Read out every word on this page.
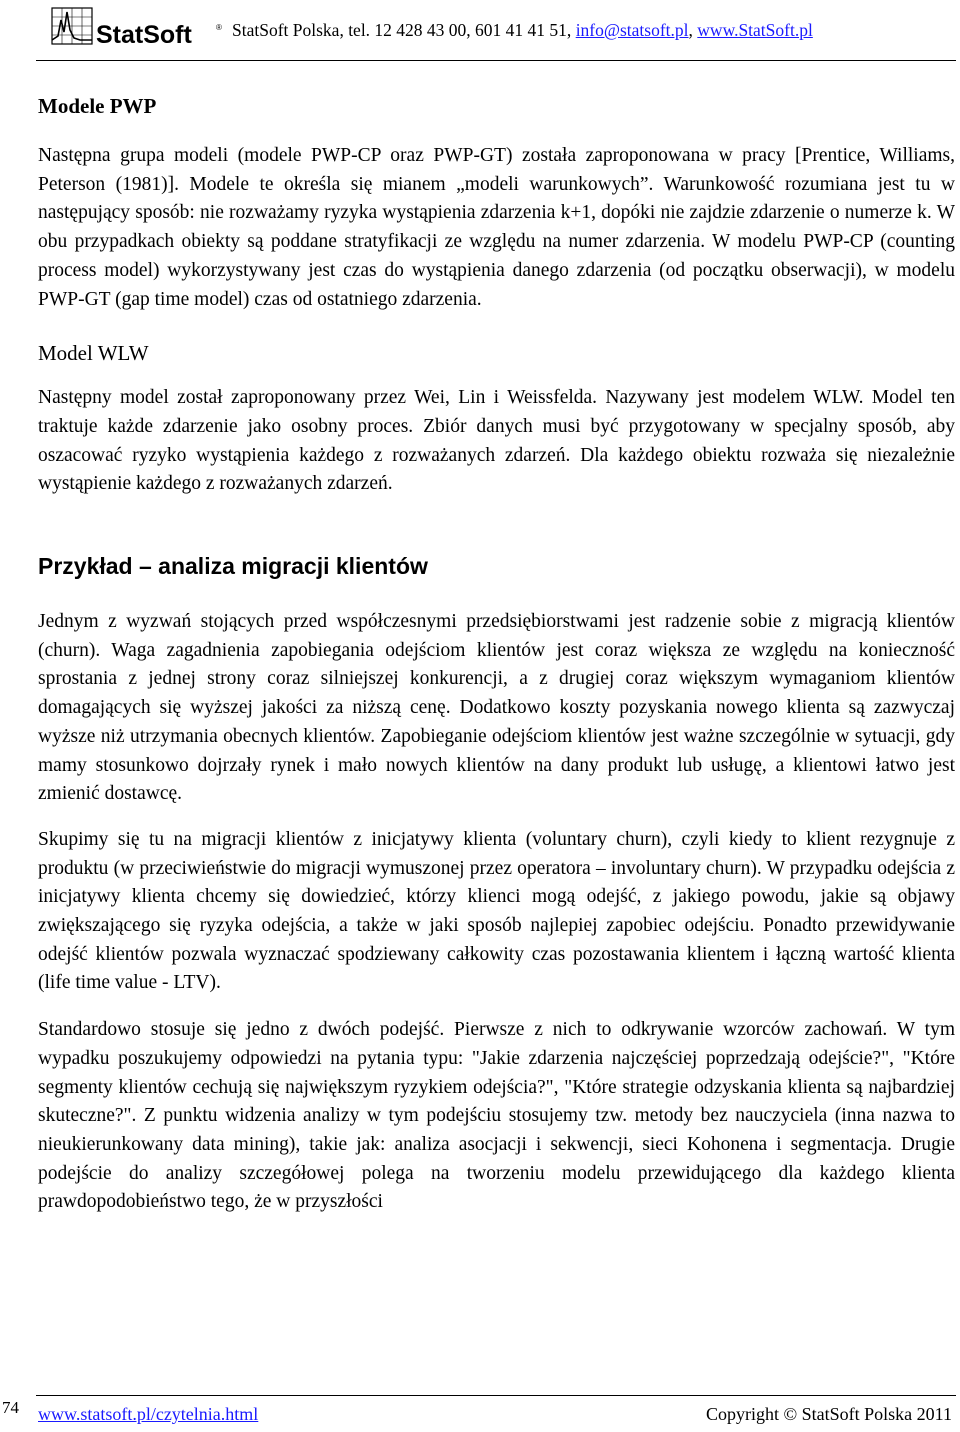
StatSoft	® StatSoft Polska, tel. 12 428 43 00, 601 41 41 51, info@statsoft.pl, www.StatSoft.pl
Modele PWP

Następna grupa modeli (modele PWP-CP oraz PWP-GT) została zaproponowana w pracy [Prentice, Williams, Peterson (1981)]. Modele te określa się mianem „modeli warunkowych”. Warunkowość rozumiana jest tu w następujący sposób: nie rozważamy ryzyka wystąpienia zdarzenia k+1, dopóki nie zajdzie zdarzenie o numerze k. W obu przypadkach obiekty są poddane stratyfikacji ze względu na numer zdarzenia. W modelu PWP-CP (counting process model) wykorzystywany jest czas do wystąpienia danego zdarzenia (od początku obserwacji), w modelu PWP-GT (gap time model) czas od ostatniego zdarzenia.

Model WLW

Następny model został zaproponowany przez Wei, Lin i Weissfelda. Nazywany jest modelem WLW. Model ten traktuje każde zdarzenie jako osobny proces. Zbiór danych musi być przygotowany w specjalny sposób, aby oszacować ryzyko wystąpienia każdego z rozważanych zdarzeń. Dla każdego obiektu rozważa się niezależnie wystąpienie każdego z rozważanych zdarzeń.

Przykład – analiza migracji klientów

Jednym z wyzwań stojących przed współczesnymi przedsiębiorstwami jest radzenie sobie z migracją klientów (churn). Waga zagadnienia zapobiegania odejściom klientów jest coraz większa ze względu na konieczność sprostania z jednej strony coraz silniejszej konkurencji, a z drugiej coraz większym wymaganiom klientów domagających się wyższej jakości za niższą cenę. Dodatkowo koszty pozyskania nowego klienta są zazwyczaj wyższe niż utrzymania obecnych klientów. Zapobieganie odejściom klientów jest ważne szczególnie w sytuacji, gdy mamy stosunkowo dojrzały rynek i mało nowych klientów na dany produkt lub usługę, a klientowi łatwo jest zmienić dostawcę.

Skupimy się tu na migracji klientów z inicjatywy klienta (voluntary churn), czyli kiedy to klient rezygnuje z produktu (w przeciwieństwie do migracji wymuszonej przez operatora – involuntary churn). W przypadku odejścia z inicjatywy klienta chcemy się dowiedzieć, którzy klienci mogą odejść, z jakiego powodu, jakie są objawy zwiększającego się ryzyka odejścia, a także w jaki sposób najlepiej zapobiec odejściu. Ponadto przewidywanie odejść klientów pozwala wyznaczać spodziewany całkowity czas pozostawania klientem i łączną wartość klienta (life time value - LTV).

Standardowo stosuje się jedno z dwóch podejść. Pierwsze z nich to odkrywanie wzorców zachowań. W tym wypadku poszukujemy odpowiedzi na pytania typu: "Jakie zdarzenia najczęściej poprzedzają odejście?", "Które segmenty klientów cechują się największym ryzykiem odejścia?", "Które strategie odzyskania klienta są najbardziej skuteczne?". Z punktu widzenia analizy w tym podejściu stosujemy tzw. metody bez nauczyciela (inna nazwa to nieukierunkowany data mining), takie jak: analiza asocjacji i sekwencji, sieci Kohonena i segmentacja. Drugie podejście do analizy szczegółowej polega na tworzeniu modelu przewidującego dla każdego klienta prawdopodobieństwo tego, że w przyszłości

74 www.statsoft.pl/czytelnia.html	Copyright © StatSoft Polska 2011
